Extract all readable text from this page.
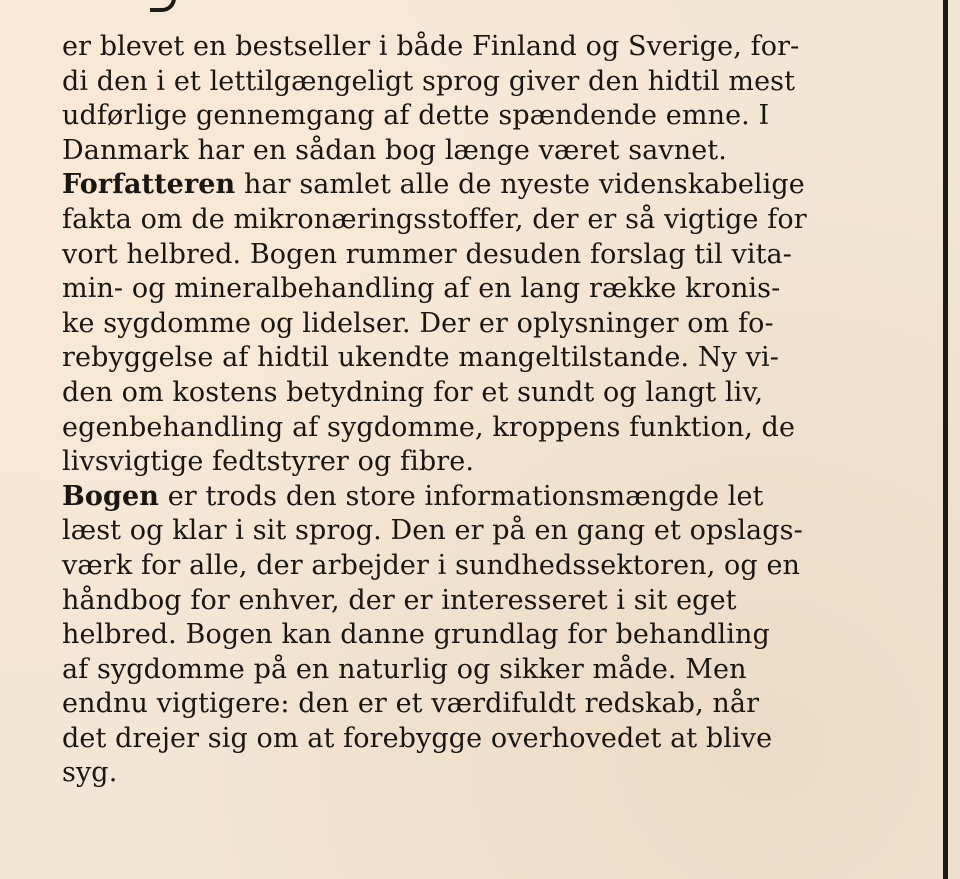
er blevet en bestseller i både Finland og Sverige, for-
di den i et lettilgængeligt sprog giver den hidtil mest
udførlige gennemgang af dette spændende emne. I
Danmark har en sådan bog længe været savnet.
Forfatteren har samlet alle de nyeste videnskabelige
fakta om de mikronæringsstoffer, der er så vigtige for
vort helbred. Bogen rummer desuden forslag til vita-
min- og mineralbehandling af en lang række kronis-
ke sygdomme og lidelser. Der er oplysninger om fo-
rebyggelse af hidtil ukendte mangeltilstande. Ny vi-
den om kostens betydning for et sundt og langt liv,
egenbehandling af sygdomme, kroppens funktion, de
livsvigtige fedtstyrer og fibre.
Bogen er trods den store informationsmængde let
læst og klar i sit sprog. Den er på en gang et opslags-
værk for alle, der arbejder i sundhedssektoren, og en
håndbog for enhver, der er interesseret i sit eget
helbred. Bogen kan danne grundlag for behandling
af sygdomme på en naturlig og sikker måde. Men
endnu vigtigere: den er et værdifuldt redskab, når
det drejer sig om at forebygge overhovedet at blive
syg.
